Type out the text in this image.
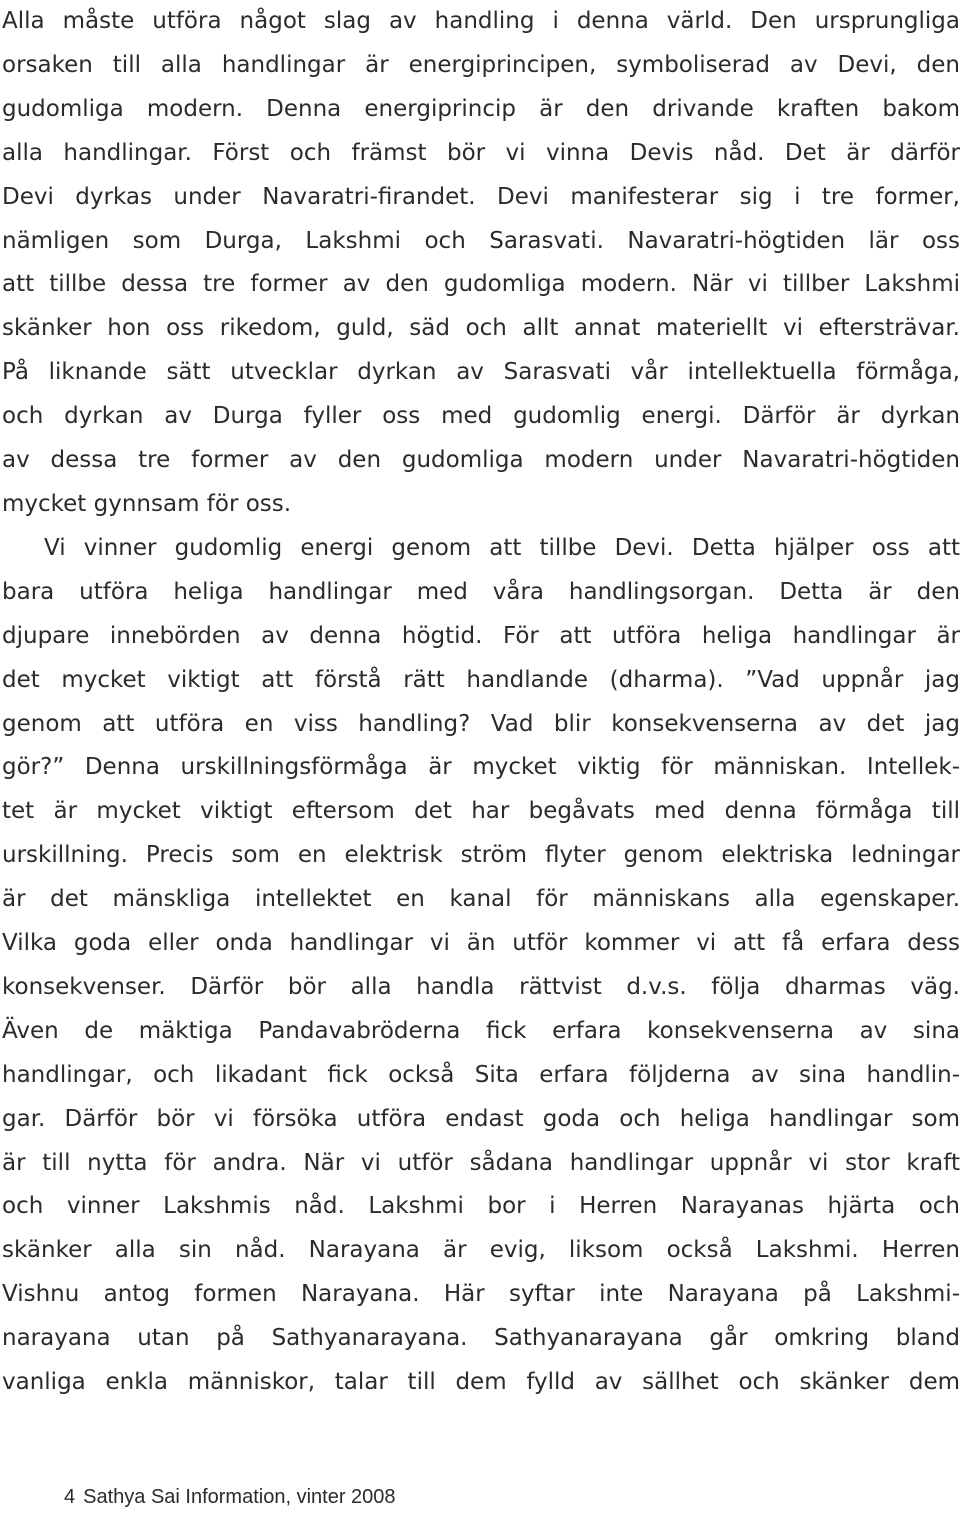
Alla måste utföra något slag av handling i denna värld. Den ursprungliga
orsaken till alla handlingar är energiprincipen, symboliserad av Devi, den
gudomliga modern. Denna energiprincip är den drivande kraften bakom
alla handlingar. Först och främst bör vi vinna Devis nåd. Det är därför
Devi dyrkas under Navaratri-firandet. Devi manifesterar sig i tre former,
nämligen som Durga, Lakshmi och Sarasvati. Navaratri-högtiden lär oss
att tillbe dessa tre former av den gudomliga modern. När vi tillber Lakshmi
skänker hon oss rikedom, guld, säd och allt annat materiellt vi eftersträvar.
På liknande sätt utvecklar dyrkan av Sarasvati vår intellektuella förmåga,
och dyrkan av Durga fyller oss med gudomlig energi. Därför är dyrkan
av dessa tre former av den gudomliga modern under Navaratri-högtiden
mycket gynnsam för oss.
Vi vinner gudomlig energi genom att tillbe Devi. Detta hjälper oss att
bara utföra heliga handlingar med våra handlingsorgan. Detta är den
djupare innebörden av denna högtid. För att utföra heliga handlingar är
det mycket viktigt att förstå rätt handlande (dharma). ”Vad uppnår jag
genom att utföra en viss handling? Vad blir konsekvenserna av det jag
gör?” Denna urskillningsförmåga är mycket viktig för människan. Intellek-
tet är mycket viktigt eftersom det har begåvats med denna förmåga till
urskillning. Precis som en elektrisk ström flyter genom elektriska ledningar
är det mänskliga intellektet en kanal för människans alla egenskaper.
Vilka goda eller onda handlingar vi än utför kommer vi att få erfara dess
konsekvenser. Därför bör alla handla rättvist d.v.s. följa dharmas väg.
Även de mäktiga Pandavabröderna fick erfara konsekvenserna av sina
handlingar, och likadant fick också Sita erfara följderna av sina handlin-
gar. Därför bör vi försöka utföra endast goda och heliga handlingar som
är till nytta för andra. När vi utför sådana handlingar uppnår vi stor kraft
och vinner Lakshmis nåd. Lakshmi bor i Herren Narayanas hjärta och
skänker alla sin nåd. Narayana är evig, liksom också Lakshmi. Herren
Vishnu antog formen Narayana. Här syftar inte Narayana på Lakshmi-
narayana utan på Sathyanarayana. Sathyanarayana går omkring bland
vanliga enkla människor, talar till dem fylld av sällhet och skänker dem
4 Sathya Sai Information, vinter 2008
